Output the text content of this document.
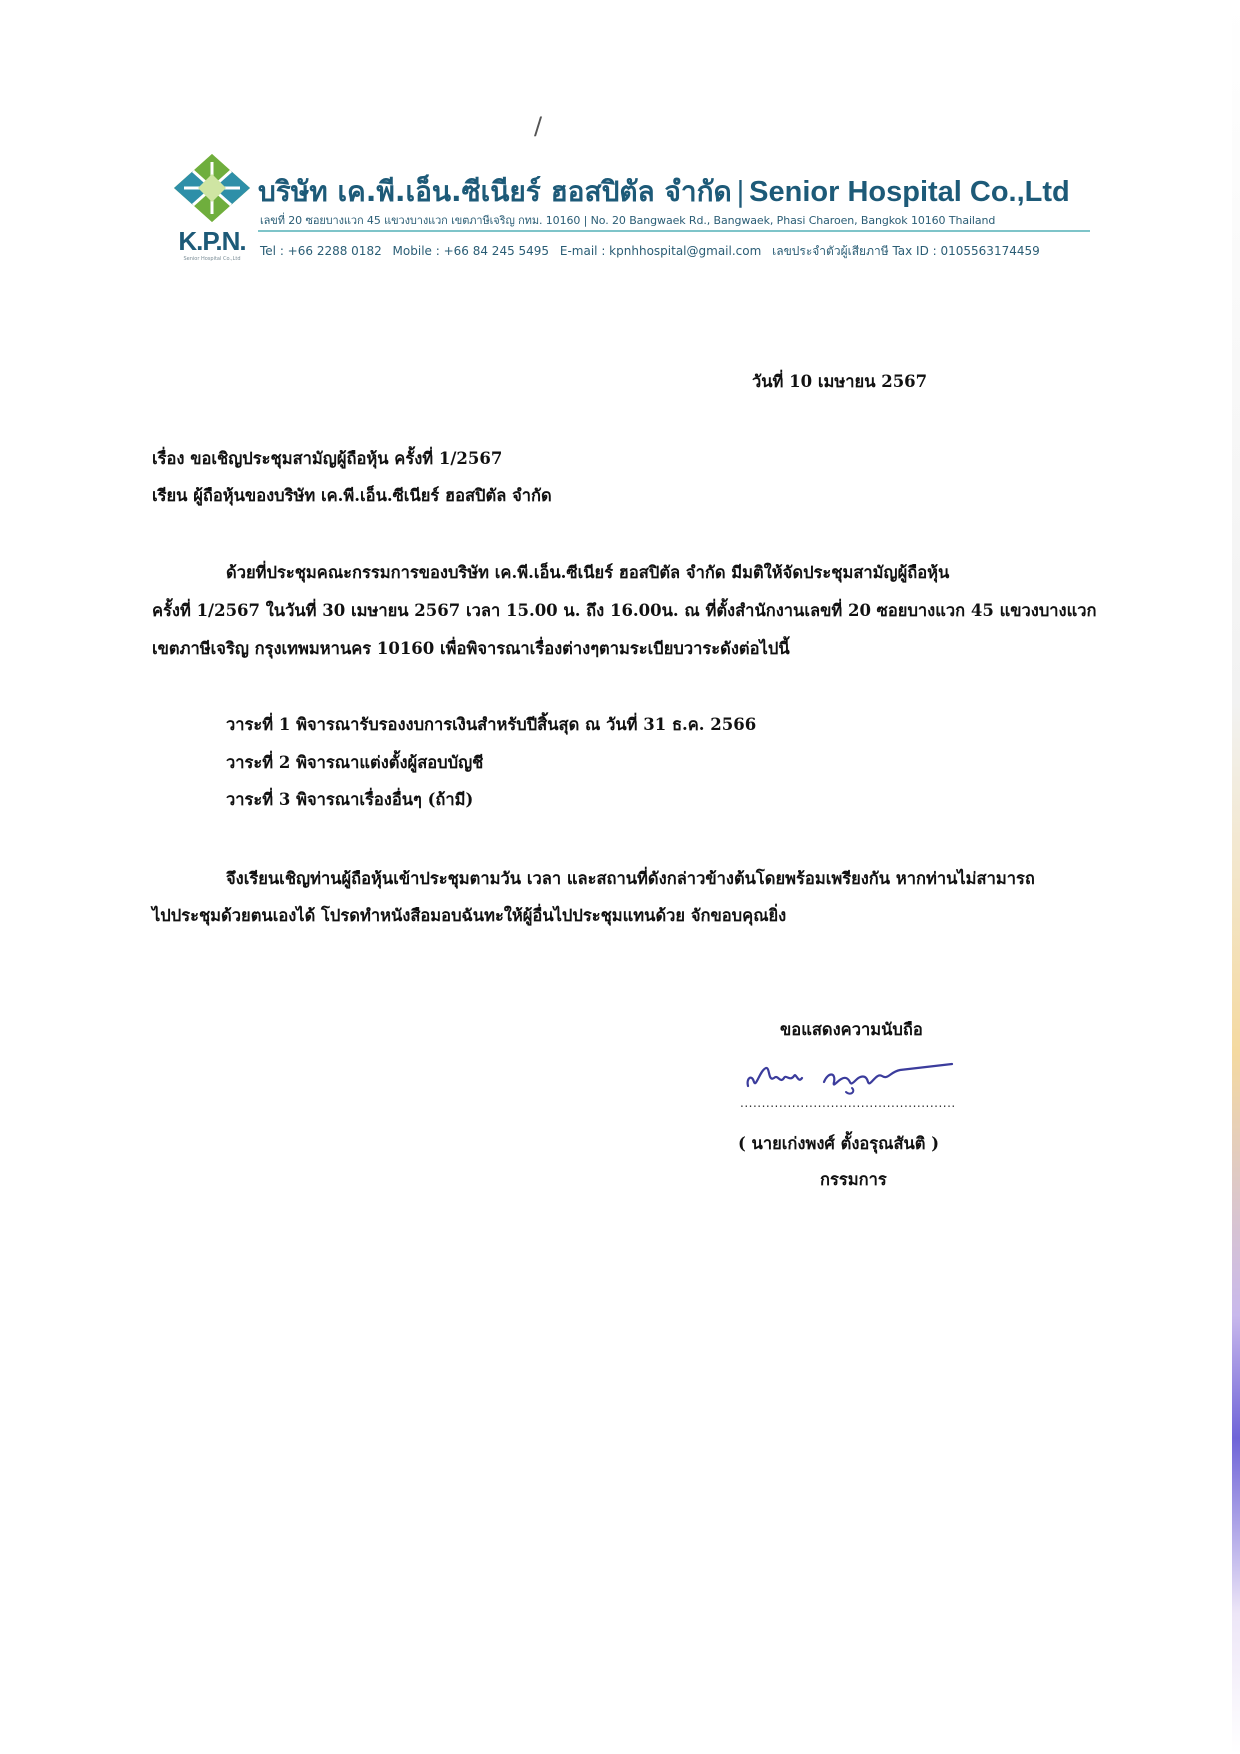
/
K.P.N.
Senior Hospital Co.,Ltd
บริษัท เค.พี.เอ็น.ซีเนียร์ ฮอสปิตัล จำกัด | Senior Hospital Co.,Ltd
เลขที่ 20 ซอยบางแวก 45 แขวงบางแวก เขตภาษีเจริญ กทม. 10160 | No. 20 Bangwaek Rd., Bangwaek, Phasi Charoen, Bangkok 10160 Thailand
Tel : +66 2288 0182 Mobile : +66 84 245 5495 E-mail : kpnhhospital@gmail.com เลขประจำตัวผู้เสียภาษี Tax ID : 0105563174459
วันที่ 10 เมษายน 2567
เรื่อง ขอเชิญประชุมสามัญผู้ถือหุ้น ครั้งที่ 1/2567
เรียน ผู้ถือหุ้นของบริษัท เค.พี.เอ็น.ซีเนียร์ ฮอสปิตัล จำกัด
ด้วยที่ประชุมคณะกรรมการของบริษัท เค.พี.เอ็น.ซีเนียร์ ฮอสปิตัล จำกัด มีมติให้จัดประชุมสามัญผู้ถือหุ้น
ครั้งที่ 1/2567 ในวันที่ 30 เมษายน 2567 เวลา 15.00 น. ถึง 16.00น. ณ ที่ตั้งสำนักงานเลขที่ 20 ซอยบางแวก 45 แขวงบางแวก
เขตภาษีเจริญ กรุงเทพมหานคร 10160 เพื่อพิจารณาเรื่องต่างๆตามระเบียบวาระดังต่อไปนี้
วาระที่ 1 พิจารณารับรองงบการเงินสำหรับปีสิ้นสุด ณ วันที่ 31 ธ.ค. 2566
วาระที่ 2 พิจารณาแต่งตั้งผู้สอบบัญชี
วาระที่ 3 พิจารณาเรื่องอื่นๆ (ถ้ามี)
จึงเรียนเชิญท่านผู้ถือหุ้นเข้าประชุมตามวัน เวลา และสถานที่ดังกล่าวข้างต้นโดยพร้อมเพรียงกัน หากท่านไม่สามารถ
ไปประชุมด้วยตนเองได้ โปรดทำหนังสือมอบฉันทะให้ผู้อื่นไปประชุมแทนด้วย จักขอบคุณยิ่ง
ขอแสดงความนับถือ
..................................................
( นายเก่งพงศ์ ตั้งอรุณสันติ )
กรรมการ
